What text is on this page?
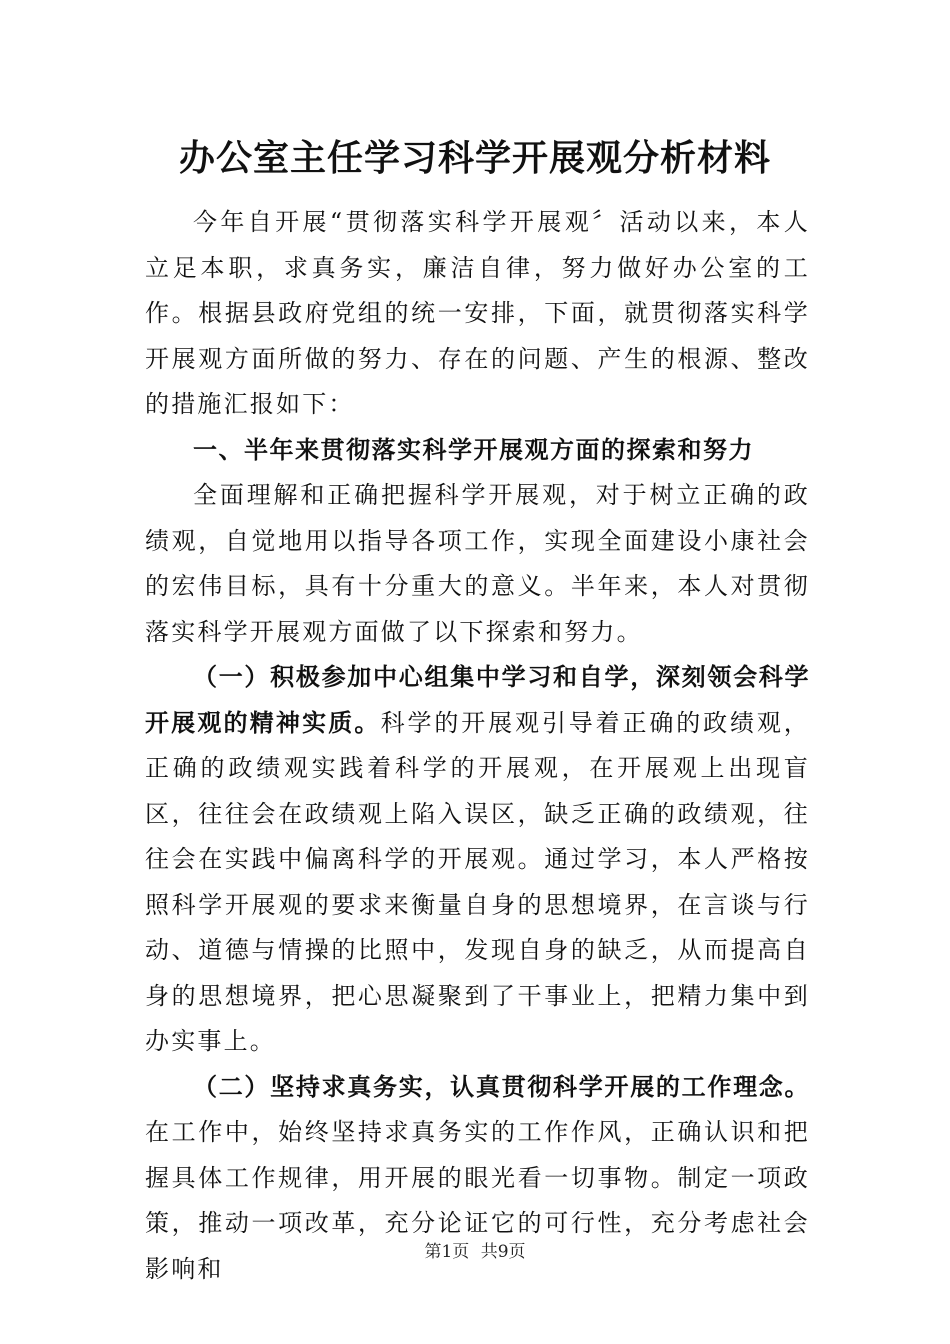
办公室主任学习科学开展观分析材料

今年自开展“贯彻落实科学开展观〞活动以来，本人立足本职，求真务实，廉洁自律，努力做好办公室的工作。根据县政府党组的统一安排，下面，就贯彻落实科学开展观方面所做的努力、存在的问题、产生的根源、整改的措施汇报如下：

一、半年来贯彻落实科学开展观方面的探索和努力

全面理解和正确把握科学开展观，对于树立正确的政绩观，自觉地用以指导各项工作，实现全面建设小康社会的宏伟目标，具有十分重大的意义。半年来，本人对贯彻落实科学开展观方面做了以下探索和努力。

（一）积极参加中心组集中学习和自学，深刻领会科学开展观的精神实质。科学的开展观引导着正确的政绩观，正确的政绩观实践着科学的开展观，在开展观上出现盲区，往往会在政绩观上陷入误区，缺乏正确的政绩观，往往会在实践中偏离科学的开展观。通过学习，本人严格按照科学开展观的要求来衡量自身的思想境界，在言谈与行动、道德与情操的比照中，发现自身的缺乏，从而提高自身的思想境界，把心思凝聚到了干事业上，把精力集中到办实事上。

（二）坚持求真务实，认真贯彻科学开展的工作理念。在工作中，始终坚持求真务实的工作作风，正确认识和把握具体工作规律，用开展的眼光看一切事物。制定一项政策，推动一项改革，充分论证它的可行性，充分考虑社会影响和

第1页 共9页
